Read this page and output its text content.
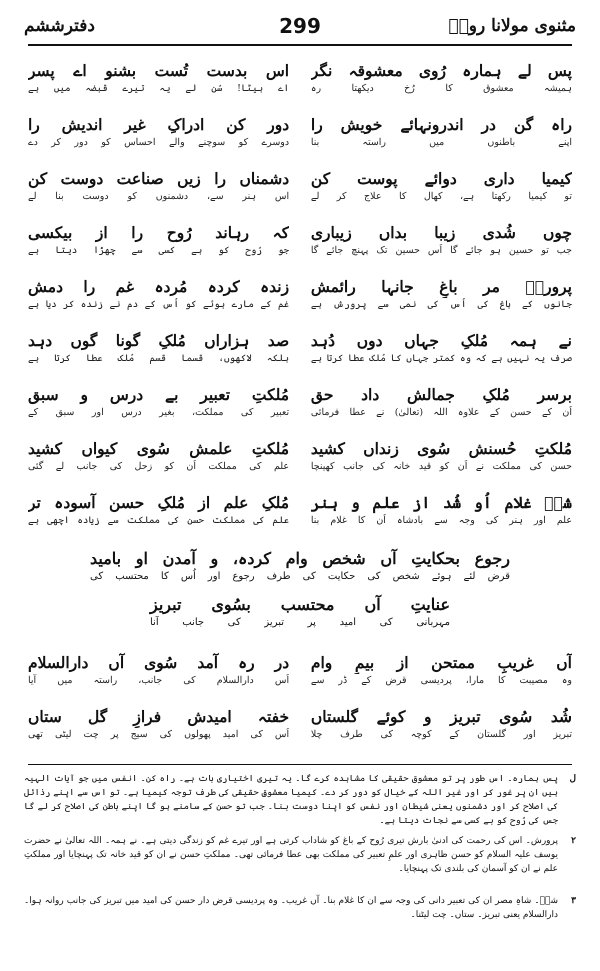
مثنوی مولانا رومؒ
299
دفترششم
پس لے ہمارہ رُوی معشوقہ نگر
اس بدست تُست بشنو اے پسر
ہمیشہ معشوق کا رُخ دیکھتا رہ
اے بیٹا! سُن لے یہ تیرے قبضہ میں ہے
راہ گن در اندرونہائے خویش را
دور کن ادراکِ غیر اندیش را
اپنے باطنوں میں راستہ بنا
دوسرے کو سوچنے والے احساس کو دور کر دے
کیمیا داری دوائے پوست کن
دشمناں را زیں صناعت دوست کن
تو کیمیا رکھتا ہے، کھال کا علاج کر لے
اس ہنر سے، دشمنوں کو دوست بنا لے
چوں شُدی زیبا بداں زیباری
کہ رہاند رُوح را از بیکسی
جب تو حسین ہو جائے گا اُس حسین تک پہنچ جائے گا
جو رُوح کو بے کسی سے چھڑا دیتا ہے
پرورشؒ مر باغِ جانہا رائمش
زندہ کردہ مُردہ غم را دمش
جانوں کے باغ کی اُس کی نمی سے پرورش ہے
غم کے مارے ہوئے کو اُس کے دم نے زندہ کر دیا ہے
نے ہمہ مُلکِ جہاں دوں دُہد
صد ہزاراں مُلکِ گونا گوں دہد
صرف یہ نہیں ہے کہ وہ کمتر جہاں کا مُلک عطا کرتا ہے
بلکہ لاکھوں، قسما قسم مُلک عطا کرتا ہے
برسر مُلکِ جمالش داد حق
مُلکتِ تعبیر بے درس و سبق
اُن کے حسن کے علاوہ اللہ (تعالیٰ) نے عطا فرمائی
تعبیر کی مملکت، بغیر درس اور سبق کے
مُلکتِ حُسنش سُوی زنداں کشید
مُلکتِ علمش سُوی کیواں کشید
حسن کی مملکت نے اُن کو قید خانہ کی جانب کھینچا
علم کی مملکت اُن کو زحل کی جانب لے گئی
شہؒ غلام اُو شُد از علم و ہنر
مُلکِ علم از مُلکِ حسن آسودہ تر
علم اور ہنر کی وجہ سے بادشاہ اُن کا غلام بنا
علم کی مملکت حسن کی مملکت سے زیادہ اچھی ہے
رجوع بحکایتِ آں شخص وام کردہ، و آمدن او بامید
قرض لئے ہوئے شخص کی حکایت کی طرف رجوع اور اُس کا محتسب کی
عنایتِ آں محتسب بسُوی تبریز
مہربانی کی امید پر تبریز کی جانب آنا
آں غریبِ ممتحن از بیمِ وام
در رہ آمد سُوی آں دارالسلام
وہ مصیبت کا مارا، پردیسی قرض کے ڈر سے
اُس دارالسلام کی جانب، راستہ میں آیا
شُد سُوی تبریز و کوئے گلستاں
خفتہ امیدش فرازِ گل ستاں
تبریز اور گلستان کے کوچہ کی طرف چلا
اُس کی امید پھولوں کی سیج پر چت لیٹی تھی
ل
پس ہمارہ۔ اس طور پر تو معشوق حقیقی کا مشاہدہ کرے گا۔ یہ تیری اختیاری بات ہے۔ راہ کن۔ انفس میں جو آیات الہیہ ہیں ان پر غور کر اور غیر اللہ کے خیال کو دور کر دے۔ کیمیا معشوقِ حقیقی کی طرف توجہ کیمیا ہے۔ تو اس سے اپنے رذائل کی اصلاح کر اور دشمنوں یعنی شیطان اور نفس کو اپنا دوست بنا۔ جب تو حسن کے سامنے ہو گا اپنے باطن کی اصلاح کر لے گا جس کی رُوح کو بے کسی سے نجات دیتا ہے۔
۲
پرورش۔ اس کی رحمت کی ادنیٰ بارش تیری رُوح کے باغ کو شاداب کرتی ہے اور تیرے غم کو زندگی دیتی ہے۔ نے ہمہ۔ اللہ تعالیٰ نے حضرت یوسف علیہ السلام کو حسن ظاہری اور علمِ تعبیر کی مملکت بھی عطا فرمائی تھی۔ مملکتِ حسن نے ان کو قید خانہ تک پہنچایا اور مملکتِ علم نے ان کو آسمان کی بلندی تک پہنچایا۔
۳
شہؒ۔ شاہِ مصر ان کی تعبیر دانی کی وجہ سے ان کا غلام بنا۔ آں غریب۔ وہ پردیسی قرض دار حسن کی امید میں تبریز کی جانب روانہ ہوا۔ دارالسلام یعنی تبریز۔ ستاں۔ چت لیٹنا۔
